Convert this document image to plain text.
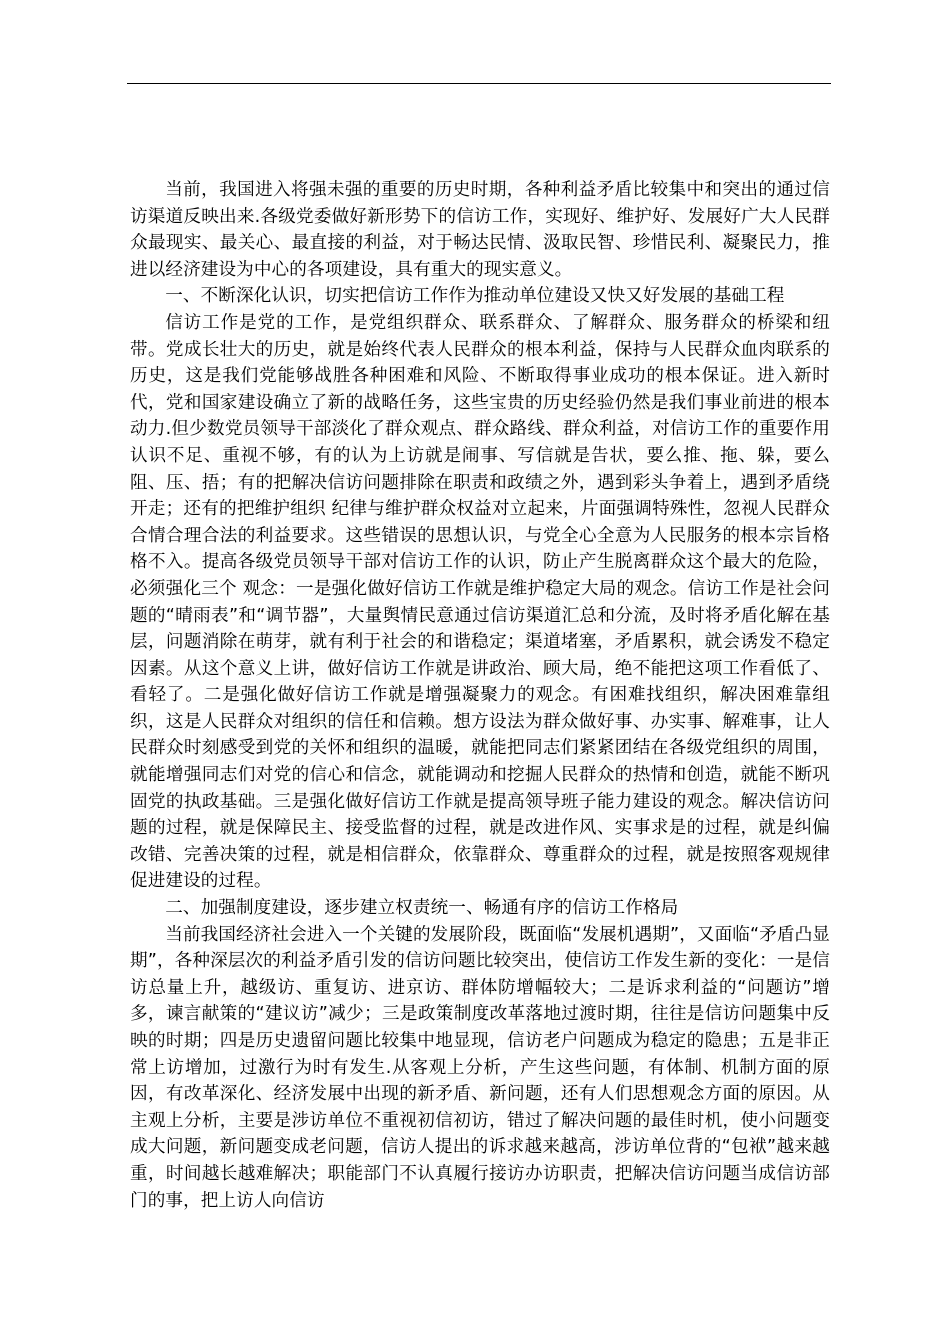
当前，我国进入将强未强的重要的历史时期，各种利益矛盾比较集中和突出的通过信访渠道反映出来.各级党委做好新形势下的信访工作，实现好、维护好、发展好广大人民群众最现实、最关心、最直接的利益，对于畅达民情、汲取民智、珍惜民利、凝聚民力，推进以经济建设为中心的各项建设，具有重大的现实意义。

一、不断深化认识，切实把信访工作作为推动单位建设又快又好发展的基础工程

信访工作是党的工作，是党组织群众、联系群众、了解群众、服务群众的桥梁和纽带。党成长壮大的历史，就是始终代表人民群众的根本利益，保持与人民群众血肉联系的历史，这是我们党能够战胜各种困难和风险、不断取得事业成功的根本保证。进入新时代，党和国家建设确立了新的战略任务，这些宝贵的历史经验仍然是我们事业前进的根本动力.但少数党员领导干部淡化了群众观点、群众路线、群众利益，对信访工作的重要作用认识不足、重视不够，有的认为上访就是闹事、写信就是告状，要么推、拖、躲，要么阻、压、捂；有的把解决信访问题排除在职责和政绩之外，遇到彩头争着上，遇到矛盾绕开走；还有的把维护组织 纪律与维护群众权益对立起来，片面强调特殊性，忽视人民群众合情合理合法的利益要求。这些错误的思想认识，与党全心全意为人民服务的根本宗旨格格不入。提高各级党员领导干部对信访工作的认识，防止产生脱离群众这个最大的危险，必须强化三个 观念：一是强化做好信访工作就是维护稳定大局的观念。信访工作是社会问题的“晴雨表”和“调节器”，大量舆情民意通过信访渠道汇总和分流，及时将矛盾化解在基层，问题消除在萌芽，就有利于社会的和谐稳定；渠道堵塞，矛盾累积，就会诱发不稳定因素。从这个意义上讲，做好信访工作就是讲政治、顾大局，绝不能把这项工作看低了、看轻了。二是强化做好信访工作就是增强凝聚力的观念。有困难找组织，解决困难靠组织，这是人民群众对组织的信任和信赖。想方设法为群众做好事、办实事、解难事，让人民群众时刻感受到党的关怀和组织的温暖，就能把同志们紧紧团结在各级党组织的周围，就能增强同志们对党的信心和信念，就能调动和挖掘人民群众的热情和创造，就能不断巩固党的执政基础。三是强化做好信访工作就是提高领导班子能力建设的观念。解决信访问题的过程，就是保障民主、接受监督的过程，就是改进作风、实事求是的过程，就是纠偏改错、完善决策的过程，就是相信群众，依靠群众、尊重群众的过程，就是按照客观规律促进建设的过程。

二、加强制度建设，逐步建立权责统一、畅通有序的信访工作格局

当前我国经济社会进入一个关键的发展阶段，既面临“发展机遇期”，又面临“矛盾凸显期”，各种深层次的利益矛盾引发的信访问题比较突出，使信访工作发生新的变化：一是信访总量上升，越级访、重复访、进京访、群体防增幅较大；二是诉求利益的“问题访”增多，谏言献策的“建议访”减少；三是政策制度改革落地过渡时期，往往是信访问题集中反映的时期；四是历史遗留问题比较集中地显现，信访老户问题成为稳定的隐患；五是非正常上访增加，过激行为时有发生.从客观上分析，产生这些问题，有体制、机制方面的原因，有改革深化、经济发展中出现的新矛盾、新问题，还有人们思想观念方面的原因。从主观上分析，主要是涉访单位不重视初信初访，错过了解决问题的最佳时机，使小问题变成大问题，新问题变成老问题，信访人提出的诉求越来越高，涉访单位背的“包袱”越来越重，时间越长越难解决；职能部门不认真履行接访办访职责，把解决信访问题当成信访部门的事，把上访人向信访
